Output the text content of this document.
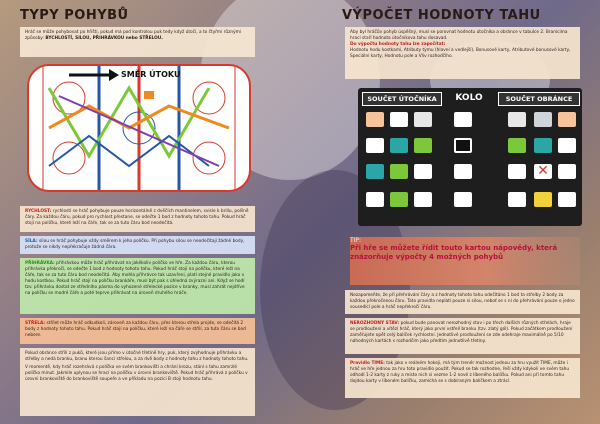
TYPY POHYBŮ
Hráč se může pohybovat po hřišti, pokud má pod kontrolou puk tedy když útočí, a to čtyřmi různými způsoby: BYCHLOSTÍ, SILOU, PŘIHRÁVKOU nebo STŘELOU.
SMĚR ÚTOKU
RYCHLOST: rychlostí se hráč pohybuje pouze horizontálně z dvěčích mantinelem, svisle k brillu, polšně čáry. Za každou čáru, pokud pro rychlost přestane, se odečte 1 bod z hodnoty tohoto tahu. Pokud hráč stojí na políčku, které leží na čáře, tak se za tuto čáru bod neodečítá.
SÍLA: silou se hráč pohybuje vždy směrem k jeho políčku. Při pohybu silou se neodečítají žádné body, protože se nikdy nepřekračuje žádná čára.
PŘIHRÁVKA: přihrávkou může hráč přihrávat na jakékoliv políčko ve hře. Za každou čáru, kterou přihrávka překročí, se odečte 1 bod z hodnoty tohoto tahu. Pokud hráč stojí na políčku, které leží na čáře, tak se za tuto čáru bod neodečítá. Aby mohla přihrávce tak uzavřeni, platí stejné pravidlo jako v hodu kostkou. Pokud hráč stojí na políčku brankáře, musí být pak s úhledná zvýrazni ani. Když se hodí tzv. přihrávku dostat ze středního pásma do vyhozené střelecké pozice v branky, musí zahrát nejdříve na políčku se modré čáře a poté teprve přihrávat na úroveň druhého hráče.
STŘELA: střílet může hráč odkudkoli, zároveň za každou čáru, přes kterou střela projde, se odečítá 2 body z hodnoty tohoto tahu. Pokud hráč stojí na políčku, které leží na čáře se střílí, za tuto čáru se bod nebere.

Pokud obránce střílí z puků, které jsou přímo v útočné třetině hry, puk, který zvýhodnuje přihrávku a střelby a nedá branku, branu kterou šanci střelou, a za dvě body z hodnoty tahu z hodnoty tohoto tahu.

V momentě, kdy hráč rozehrává s políčka ve svém brankovišti a chrání krozu, stání s tahu zamrzlé políčko minut. Jakmile uplynou se hrací na políčku v úrovni brankoviště. Pokud hráč přihrává z políčku v úrovni brankoviště do brankoviště soupeře a ve příkladu na pozici B stojí hodnotu tahu.

VÝPOČET HODNOTY TAHU

Aby byl hráčův pohyb úspěšný, musí se porovnat hodnotu útočníka a obránce v tabulce 2. Branicima hrací staří hodnota útočníkova tahu dosavad.

Do výpočtu hodnoty tahu lze započítat:

Hodnotu hodu kostkami, Atributy týmu (hlavní a vedlejší), Bonusové karty, Atributové bonusové karty, Speciální karty, Hodnotu pole a Vliv rozhodčího.

SOUČET ÚTOČNÍKA	KOLO	SOUČET OBRÁNCE
✕

TIP:

Při hře se můžete řídit touto kartou nápovědy, která znázorňuje výpočty 4 možných pohybů

Nezapomeňte, že při přehrávání čáry a z hodnoty tohoto tahu odečítáno 1 bod ta střelby 2 body za každou překročenou čáru. Tato pravidla neplatí pouze si silou, neboť se s ní do přehrávání pouze o jedno sousedící pole a hráč nepřekročí čáru.

NEROZHODNÝ STAV: pokud bude panovat nerozhodný stav i po třech dalších různých střelách, hraje se prodloužení a vítězí hráč, který jako první vstřelí branku (tzv. zlatý gól). Pokud začátkem prodloužení zaměřujete opět celý balíček rychlostní. Jednotlivé prodloužení se zde odehraje maximálně po 5/10 náhodných kartách s rozhodčím jako předtím jednotlivě třetiny.
Pravidlo TIME: tak jako v reálném hokeji, má tým trenér možnost jednou za hru využít TIME, může i hráč ve hře jednou za hru toto pravidlo použít. Pokud se tak rozhodne, řeší vždy kdykoli ve svém tahu odhodí 1-2 karty z ruky a místo nich si vezme 1-2 nové z líbeného balíčku. Pokud ani při tomto tahu dojdou karty v líbeném balíčku, zamíchá se s dobíraným balíčkem a ztrácí.
